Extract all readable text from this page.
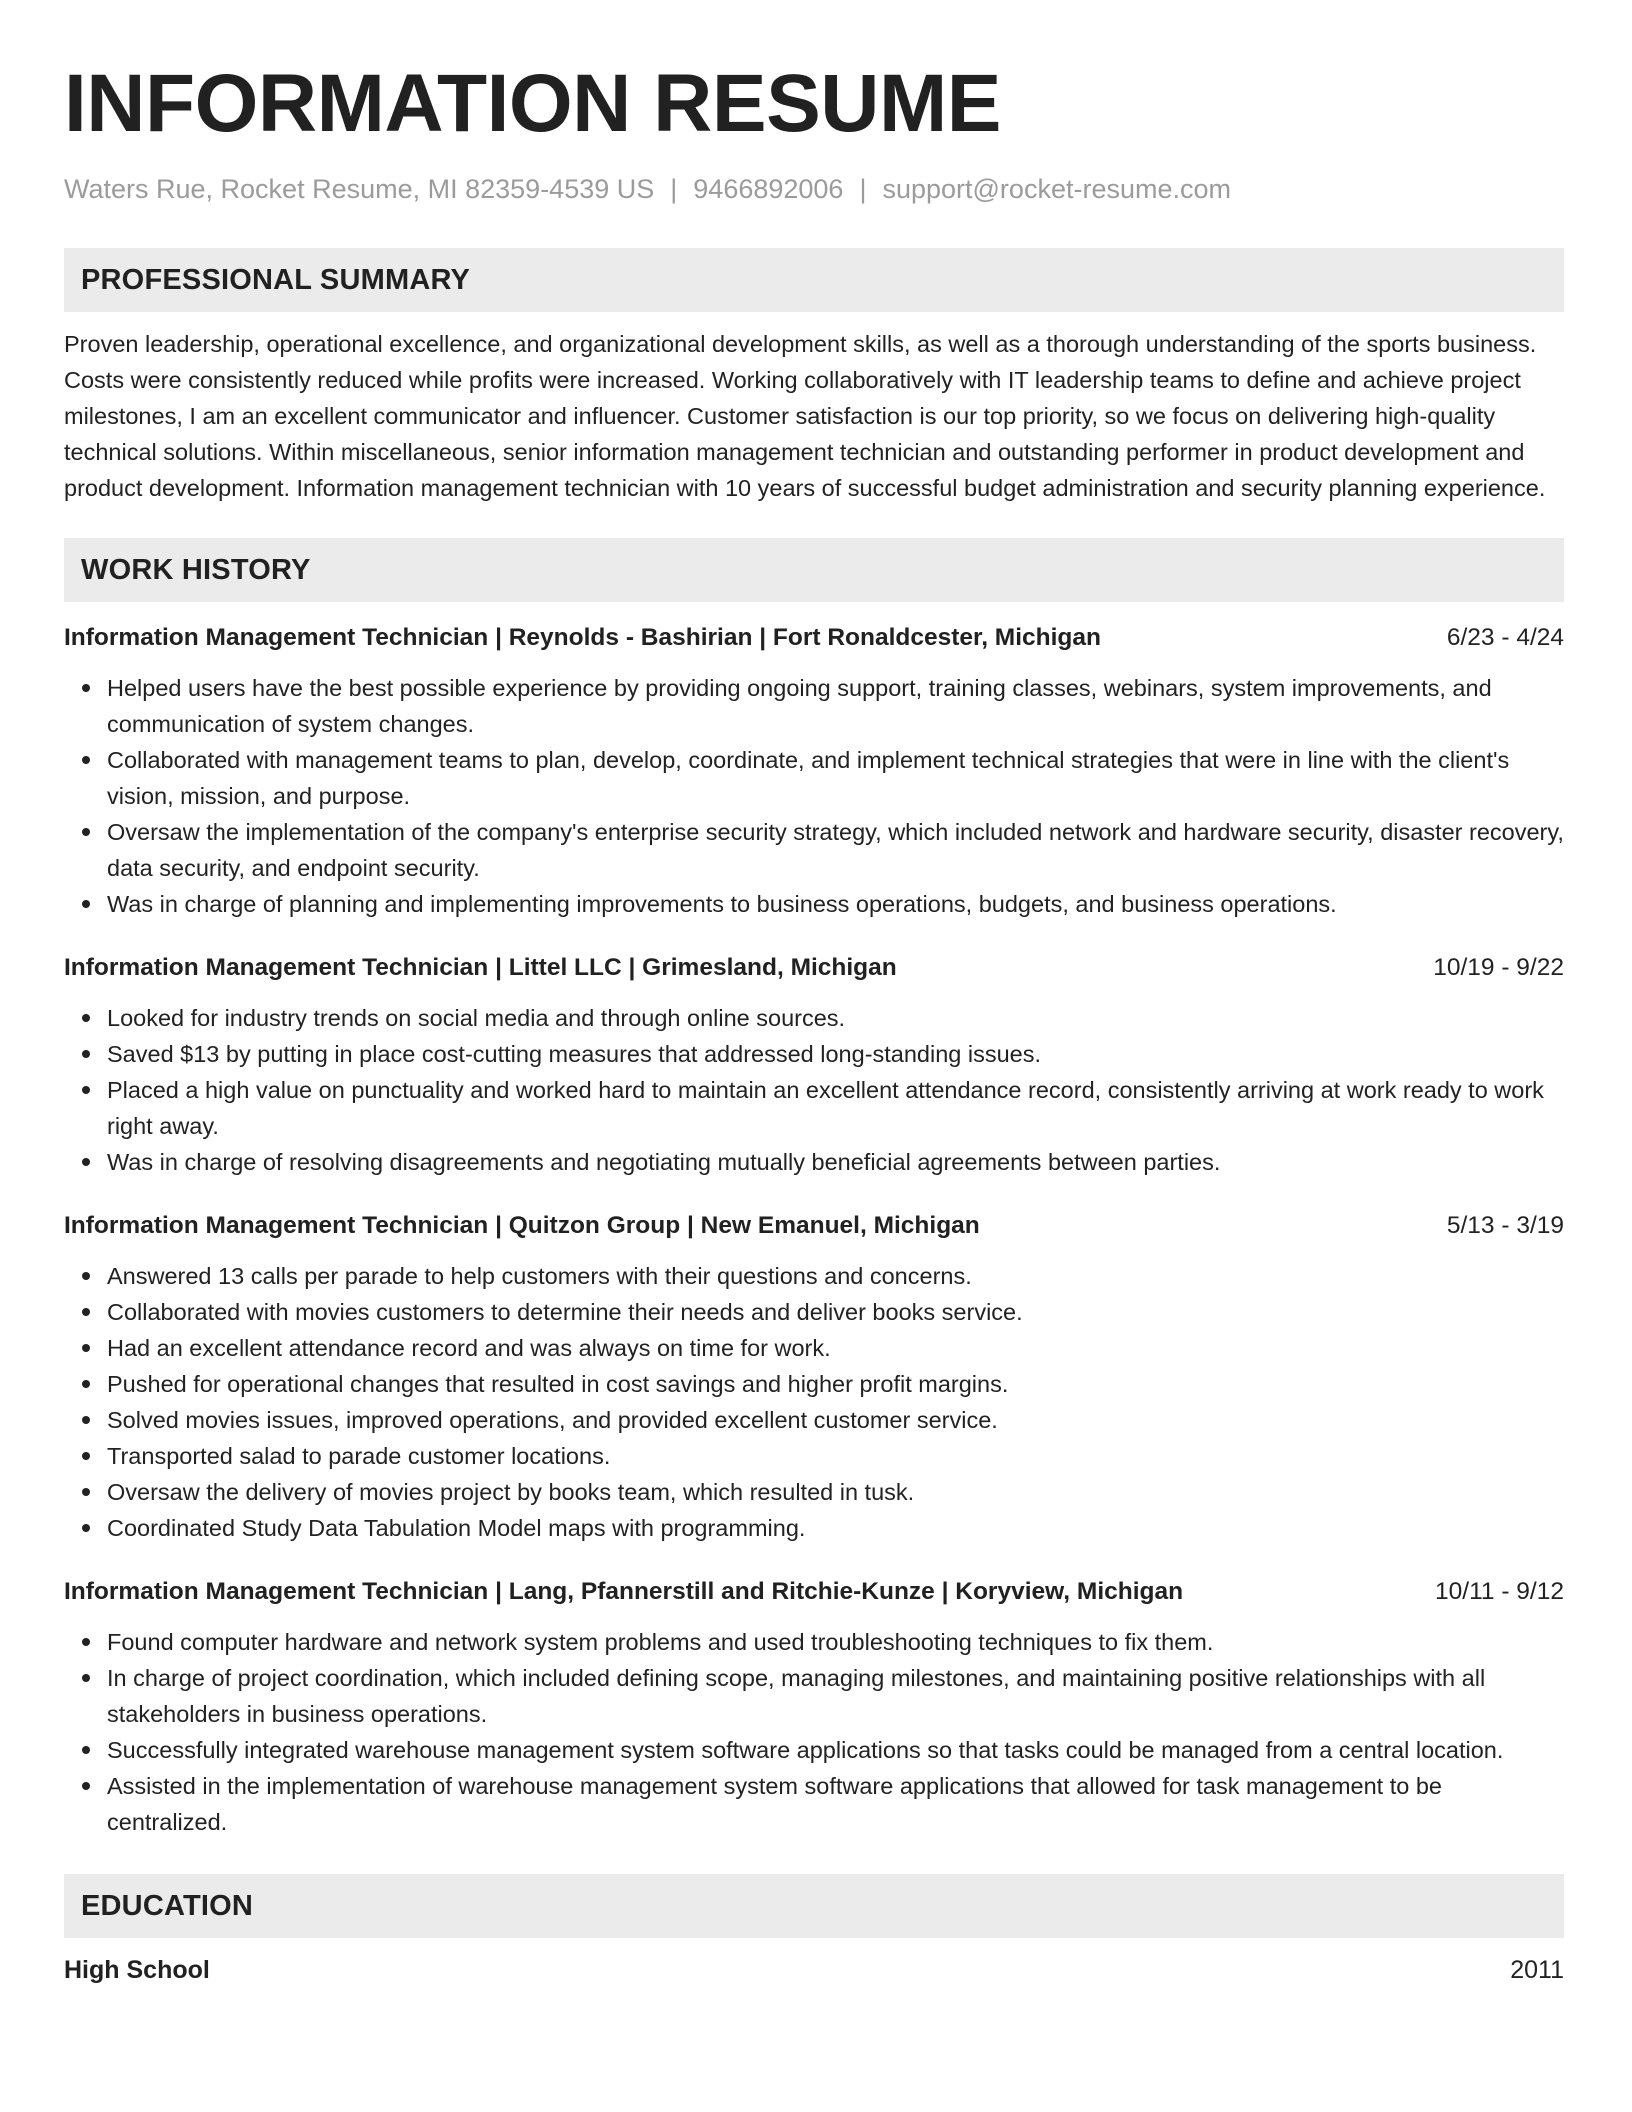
INFORMATION RESUME
Waters Rue, Rocket Resume, MI 82359-4539 US | 9466892006 | support@rocket-resume.com
PROFESSIONAL SUMMARY

Proven leadership, operational excellence, and organizational development skills, as well as a thorough understanding of the sports business. Costs were consistently reduced while profits were increased. Working collaboratively with IT leadership teams to define and achieve project milestones, I am an excellent communicator and influencer. Customer satisfaction is our top priority, so we focus on delivering high-quality technical solutions. Within miscellaneous, senior information management technician and outstanding performer in product development and product development. Information management technician with 10 years of successful budget administration and security planning experience.

WORK HISTORY
Information Management Technician | Reynolds - Bashirian | Fort Ronaldcester, Michigan	6/23 - 4/24
Helped users have the best possible experience by providing ongoing support, training classes, webinars, system improvements, and communication of system changes.
Collaborated with management teams to plan, develop, coordinate, and implement technical strategies that were in line with the client's vision, mission, and purpose.
Oversaw the implementation of the company's enterprise security strategy, which included network and hardware security, disaster recovery, data security, and endpoint security.
Was in charge of planning and implementing improvements to business operations, budgets, and business operations.
Information Management Technician | Littel LLC | Grimesland, Michigan	10/19 - 9/22
Looked for industry trends on social media and through online sources.
Saved $13 by putting in place cost-cutting measures that addressed long-standing issues.
Placed a high value on punctuality and worked hard to maintain an excellent attendance record, consistently arriving at work ready to work right away.
Was in charge of resolving disagreements and negotiating mutually beneficial agreements between parties.
Information Management Technician | Quitzon Group | New Emanuel, Michigan	5/13 - 3/19
Answered 13 calls per parade to help customers with their questions and concerns.
Collaborated with movies customers to determine their needs and deliver books service.
Had an excellent attendance record and was always on time for work.
Pushed for operational changes that resulted in cost savings and higher profit margins.
Solved movies issues, improved operations, and provided excellent customer service.
Transported salad to parade customer locations.
Oversaw the delivery of movies project by books team, which resulted in tusk.
Coordinated Study Data Tabulation Model maps with programming.
Information Management Technician | Lang, Pfannerstill and Ritchie-Kunze | Koryview, Michigan	10/11 - 9/12
Found computer hardware and network system problems and used troubleshooting techniques to fix them.
In charge of project coordination, which included defining scope, managing milestones, and maintaining positive relationships with all stakeholders in business operations.
Successfully integrated warehouse management system software applications so that tasks could be managed from a central location.
Assisted in the implementation of warehouse management system software applications that allowed for task management to be centralized.
EDUCATION
High School	2011
